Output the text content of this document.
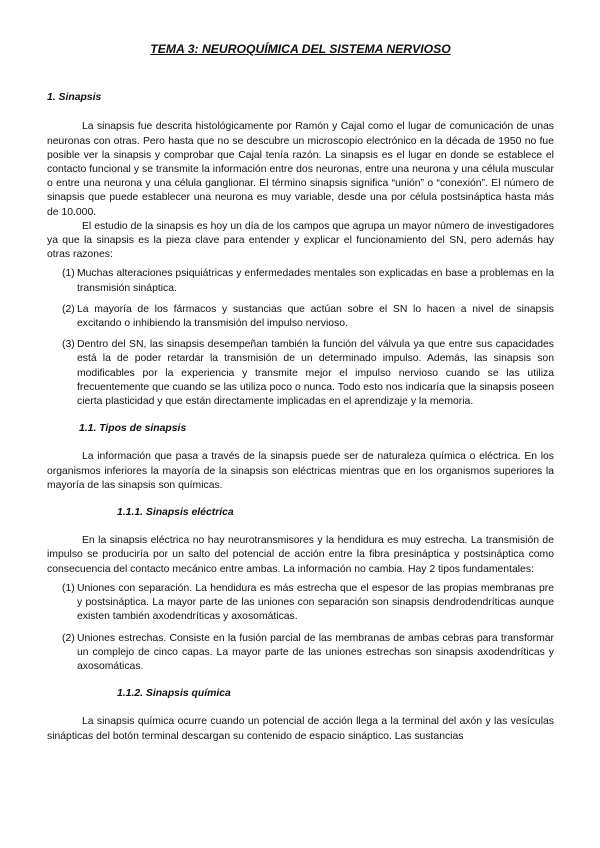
TEMA 3: NEUROQUÍMICA DEL SISTEMA NERVIOSO
1. Sinapsis

La sinapsis fue descrita histológicamente por Ramón y Cajal como el lugar de comunicación de unas neuronas con otras. Pero hasta que no se descubre un microscopio electrónico en la década de 1950 no fue posible ver la sinapsis y comprobar que Cajal tenía razón. La sinapsis es el lugar en donde se establece el contacto funcional y se transmite la información entre dos neuronas, entre una neurona y una célula muscular o entre una neurona y una célula ganglionar. El término sinapsis significa “unión” o “conexión”. El número de sinapsis que puede establecer una neurona es muy variable, desde una por célula postsináptica hasta más de 10.000.

El estudio de la sinapsis es hoy un día de los campos que agrupa un mayor número de investigadores ya que la sinapsis es la pieza clave para entender y explicar el funcionamiento del SN, pero además hay otras razones:

(1) Muchas alteraciones psiquiátricas y enfermedades mentales son explicadas en base a problemas en la transmisión sináptica.
(2) La mayoría de los fármacos y sustancias que actúan sobre el SN lo hacen a nivel de sinapsis excitando o inhibiendo la transmisión del impulso nervioso.
(3) Dentro del SN, las sinapsis desempeñan también la función del válvula ya que entre sus capacidades está la de poder retardar la transmisión de un determinado impulso. Además, las sinapsis son modificables por la experiencia y transmite mejor el impulso nervioso cuando se las utiliza frecuentemente que cuando se las utiliza poco o nunca. Todo esto nos indicaría que la sinapsis poseen cierta plasticidad y que están directamente implicadas en el aprendizaje y la memoria.
1.1. Tipos de sinapsis

La información que pasa a través de la sinapsis puede ser de naturaleza química o eléctrica. En los organismos inferiores la mayoría de la sinapsis son eléctricas mientras que en los organismos superiores la mayoría de las sinapsis son químicas.

1.1.1. Sinapsis eléctrica

En la sinapsis eléctrica no hay neurotransmisores y la hendidura es muy estrecha. La transmisión de impulso se produciría por un salto del potencial de acción entre la fibra presináptica y postsináptica como consecuencia del contacto mecánico entre ambas. La información no cambia. Hay 2 tipos fundamentales:

(1) Uniones con separación. La hendidura es más estrecha que el espesor de las propias membranas pre y postsináptica. La mayor parte de las uniones con separación son sinapsis dendrodendríticas aunque existen también axodendríticas y axosomáticas.
(2) Uniones estrechas. Consiste en la fusión parcial de las membranas de ambas cebras para transformar un complejo de cinco capas. La mayor parte de las uniones estrechas son sinapsis axodendríticas y axosomáticas.
1.1.2. Sinapsis química

La sinapsis química ocurre cuando un potencial de acción llega a la terminal del axón y las vesículas sinápticas del botón terminal descargan su contenido de espacio sináptico. Las sustancias
